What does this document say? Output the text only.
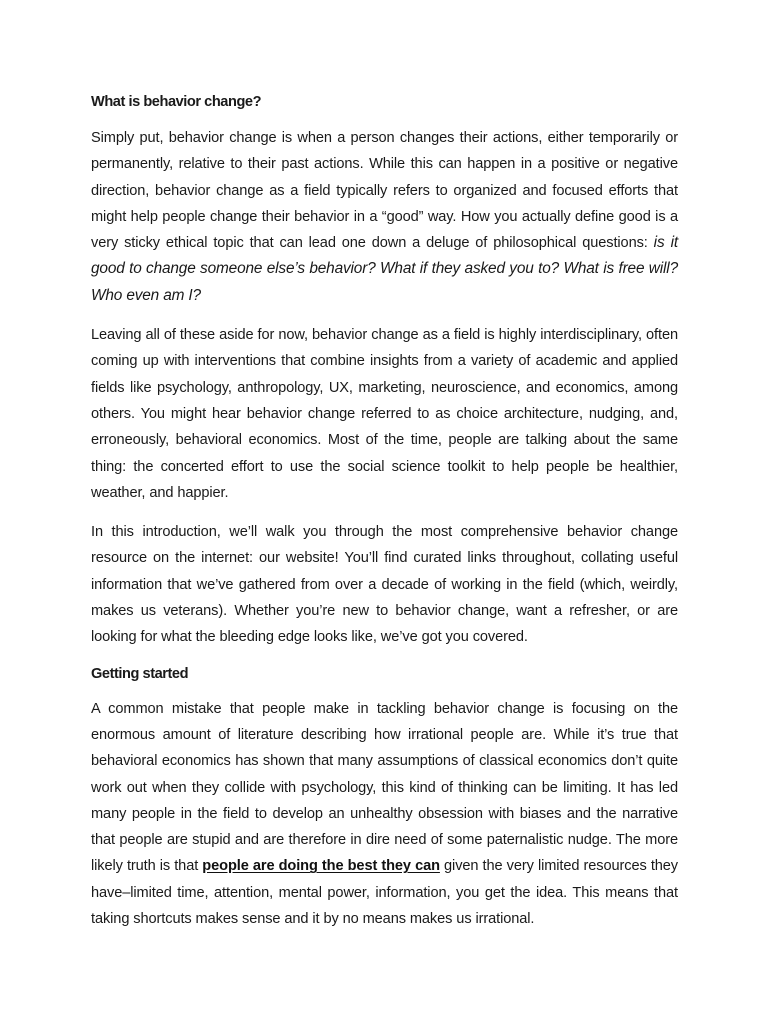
What is behavior change?

Simply put, behavior change is when a person changes their actions, either temporarily or permanently, relative to their past actions. While this can happen in a positive or negative direction, behavior change as a field typically refers to organized and focused efforts that might help people change their behavior in a “good” way. How you actually define good is a very sticky ethical topic that can lead one down a deluge of philosophical questions: is it good to change someone else’s behavior? What if they asked you to? What is free will? Who even am I?

Leaving all of these aside for now, behavior change as a field is highly interdisciplinary, often coming up with interventions that combine insights from a variety of academic and applied fields like psychology, anthropology, UX, marketing, neuroscience, and economics, among others. You might hear behavior change referred to as choice architecture, nudging, and, erroneously, behavioral economics. Most of the time, people are talking about the same thing: the concerted effort to use the social science toolkit to help people be healthier, weather, and happier.

In this introduction, we’ll walk you through the most comprehensive behavior change resource on the internet: our website! You’ll find curated links throughout, collating useful information that we’ve gathered from over a decade of working in the field (which, weirdly, makes us veterans). Whether you’re new to behavior change, want a refresher, or are looking for what the bleeding edge looks like, we’ve got you covered.

Getting started

A common mistake that people make in tackling behavior change is focusing on the enormous amount of literature describing how irrational people are. While it’s true that behavioral economics has shown that many assumptions of classical economics don’t quite work out when they collide with psychology, this kind of thinking can be limiting. It has led many people in the field to develop an unhealthy obsession with biases and the narrative that people are stupid and are therefore in dire need of some paternalistic nudge. The more likely truth is that people are doing the best they can given the very limited resources they have–limited time, attention, mental power, information, you get the idea. This means that taking shortcuts makes sense and it by no means makes us irrational.
